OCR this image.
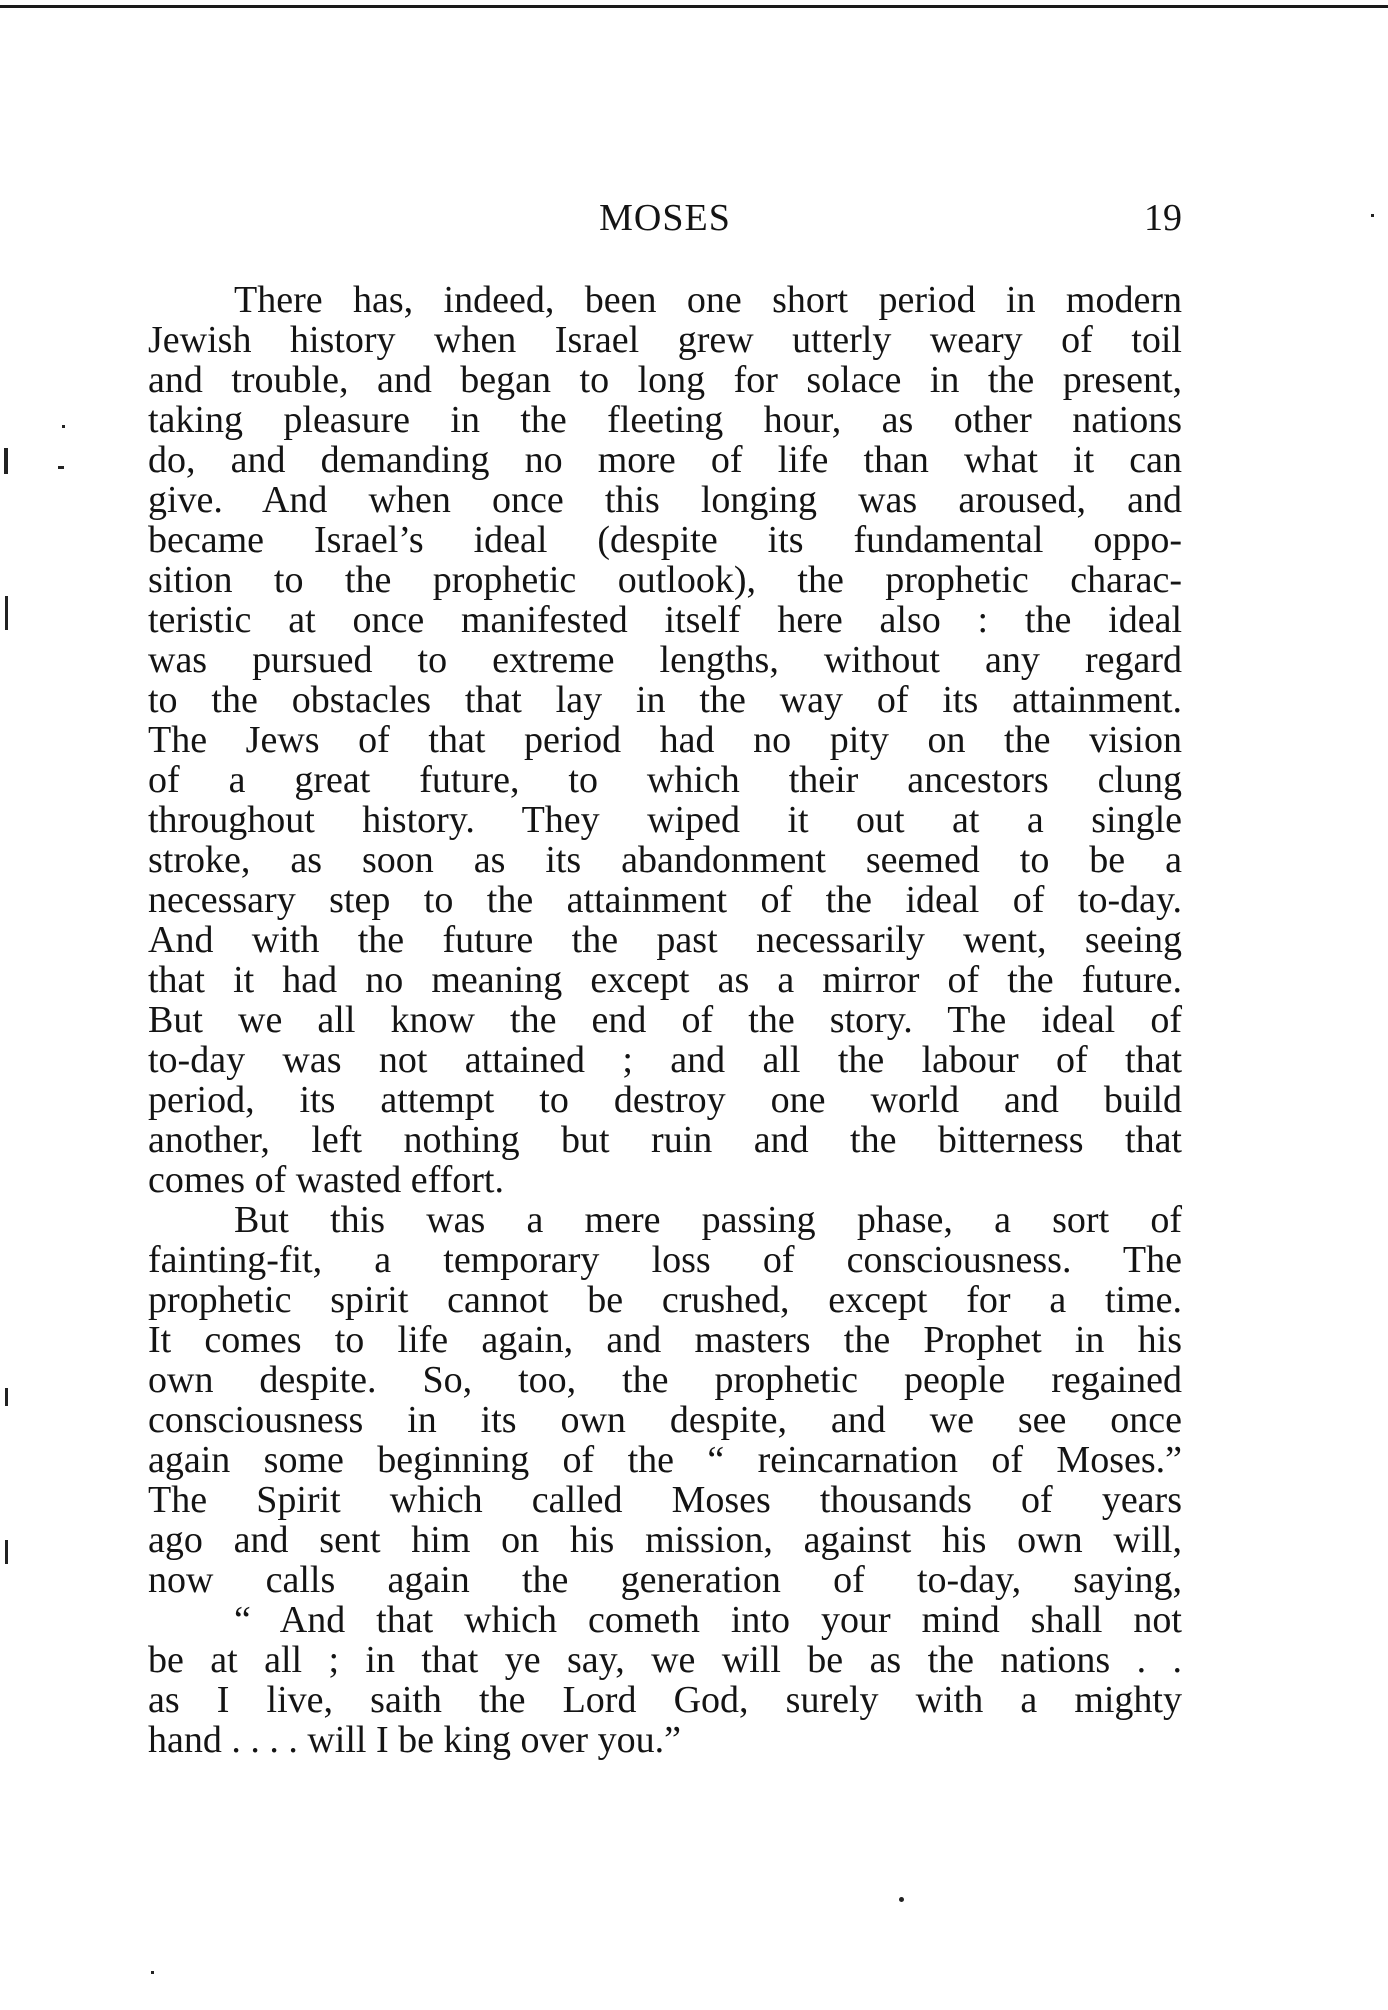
MOSES	19
There has, indeed, been one short period in modern
Jewish history when Israel grew utterly weary of toil
and trouble, and began to long for solace in the present,
taking pleasure in the fleeting hour, as other nations
do, and demanding no more of life than what it can
give. And when once this longing was aroused, and
became Israel’s ideal (despite its fundamental oppo-
sition to the prophetic outlook), the prophetic charac-
teristic at once manifested itself here also : the ideal
was pursued to extreme lengths, without any regard
to the obstacles that lay in the way of its attainment.
The Jews of that period had no pity on the vision
of a great future, to which their ancestors clung
throughout history. They wiped it out at a single
stroke, as soon as its abandonment seemed to be a
necessary step to the attainment of the ideal of to-day.
And with the future the past necessarily went, seeing
that it had no meaning except as a mirror of the future.
But we all know the end of the story. The ideal of
to-day was not attained ; and all the labour of that
period, its attempt to destroy one world and build
another, left nothing but ruin and the bitterness that
comes of wasted effort.
But this was a mere passing phase, a sort of
fainting-fit, a temporary loss of consciousness. The
prophetic spirit cannot be crushed, except for a time.
It comes to life again, and masters the Prophet in his
own despite. So, too, the prophetic people regained
consciousness in its own despite, and we see once
again some beginning of the “ reincarnation of Moses.”
The Spirit which called Moses thousands of years
ago and sent him on his mission, against his own will,
now calls again the generation of to-day, saying,
“ And that which cometh into your mind shall not
be at all ; in that ye say, we will be as the nations . .
as I live, saith the Lord God, surely with a mighty
hand . . . . will I be king over you.”
